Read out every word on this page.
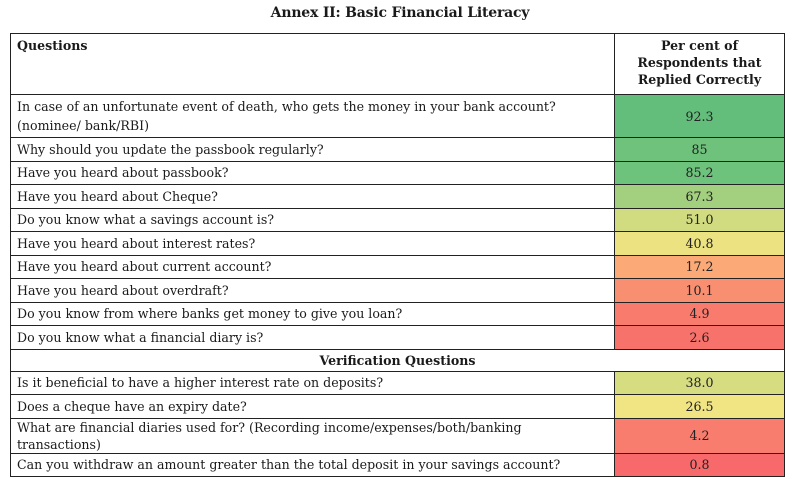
Annex II: Basic Financial Literacy
Questions	Per cent of Respondents that Replied Correctly
In case of an unfortunate event of death, who gets the money in your bank account? (nominee/ bank/RBI)	92.3
Why should you update the passbook regularly?	85
Have you heard about passbook?	85.2
Have you heard about Cheque?	67.3
Do you know what a savings account is?	51.0
Have you heard about interest rates?	40.8
Have you heard about current account?	17.2
Have you heard about overdraft?	10.1
Do you know from where banks get money to give you loan?	4.9
Do you know what a financial diary is?	2.6
Verification Questions	
Is it beneficial to have a higher interest rate on deposits?	38.0
Does a cheque have an expiry date?	26.5
What are financial diaries used for? (Recording income/expenses/both/banking transactions)	4.2
Can you withdraw an amount greater than the total deposit in your savings account?	0.8
